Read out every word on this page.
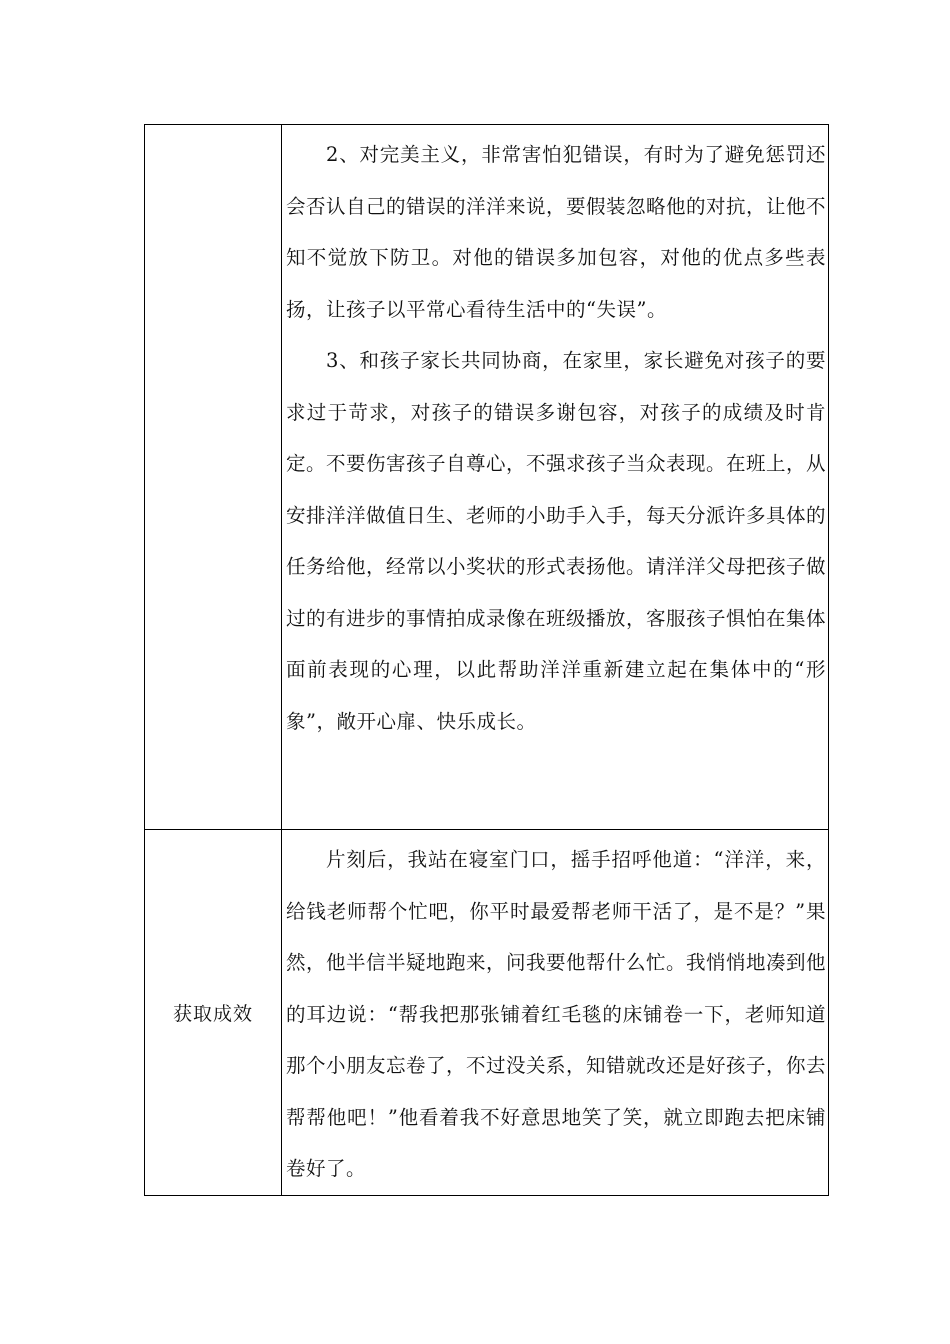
	2、对完美主义，非常害怕犯错误，有时为了避免惩罚还会否认自己的错误的洋洋来说，要假装忽略他的对抗，让他不知不觉放下防卫。对他的错误多加包容，对他的优点多些表扬，让孩子以平常心看待生活中的“失误”。

3、和孩子家长共同协商，在家里，家长避免对孩子的要求过于苛求，对孩子的错误多谢包容，对孩子的成绩及时肯定。不要伤害孩子自尊心，不强求孩子当众表现。在班上，从安排洋洋做值日生、老师的小助手入手，每天分派许多具体的任务给他，经常以小奖状的形式表扬他。请洋洋父母把孩子做过的有进步的事情拍成录像在班级播放，客服孩子惧怕在集体面前表现的心理，以此帮助洋洋重新建立起在集体中的“形象”，敞开心扉、快乐成长。

获取成效	片刻后，我站在寝室门口，摇手招呼他道：“洋洋，来，给钱老师帮个忙吧，你平时最爱帮老师干活了，是不是？”果然，他半信半疑地跑来，问我要他帮什么忙。我悄悄地凑到他的耳边说：“帮我把那张铺着红毛毯的床铺卷一下，老师知道那个小朋友忘卷了，不过没关系，知错就改还是好孩子，你去帮帮他吧！”他看着我不好意思地笑了笑，就立即跑去把床铺卷好了。
